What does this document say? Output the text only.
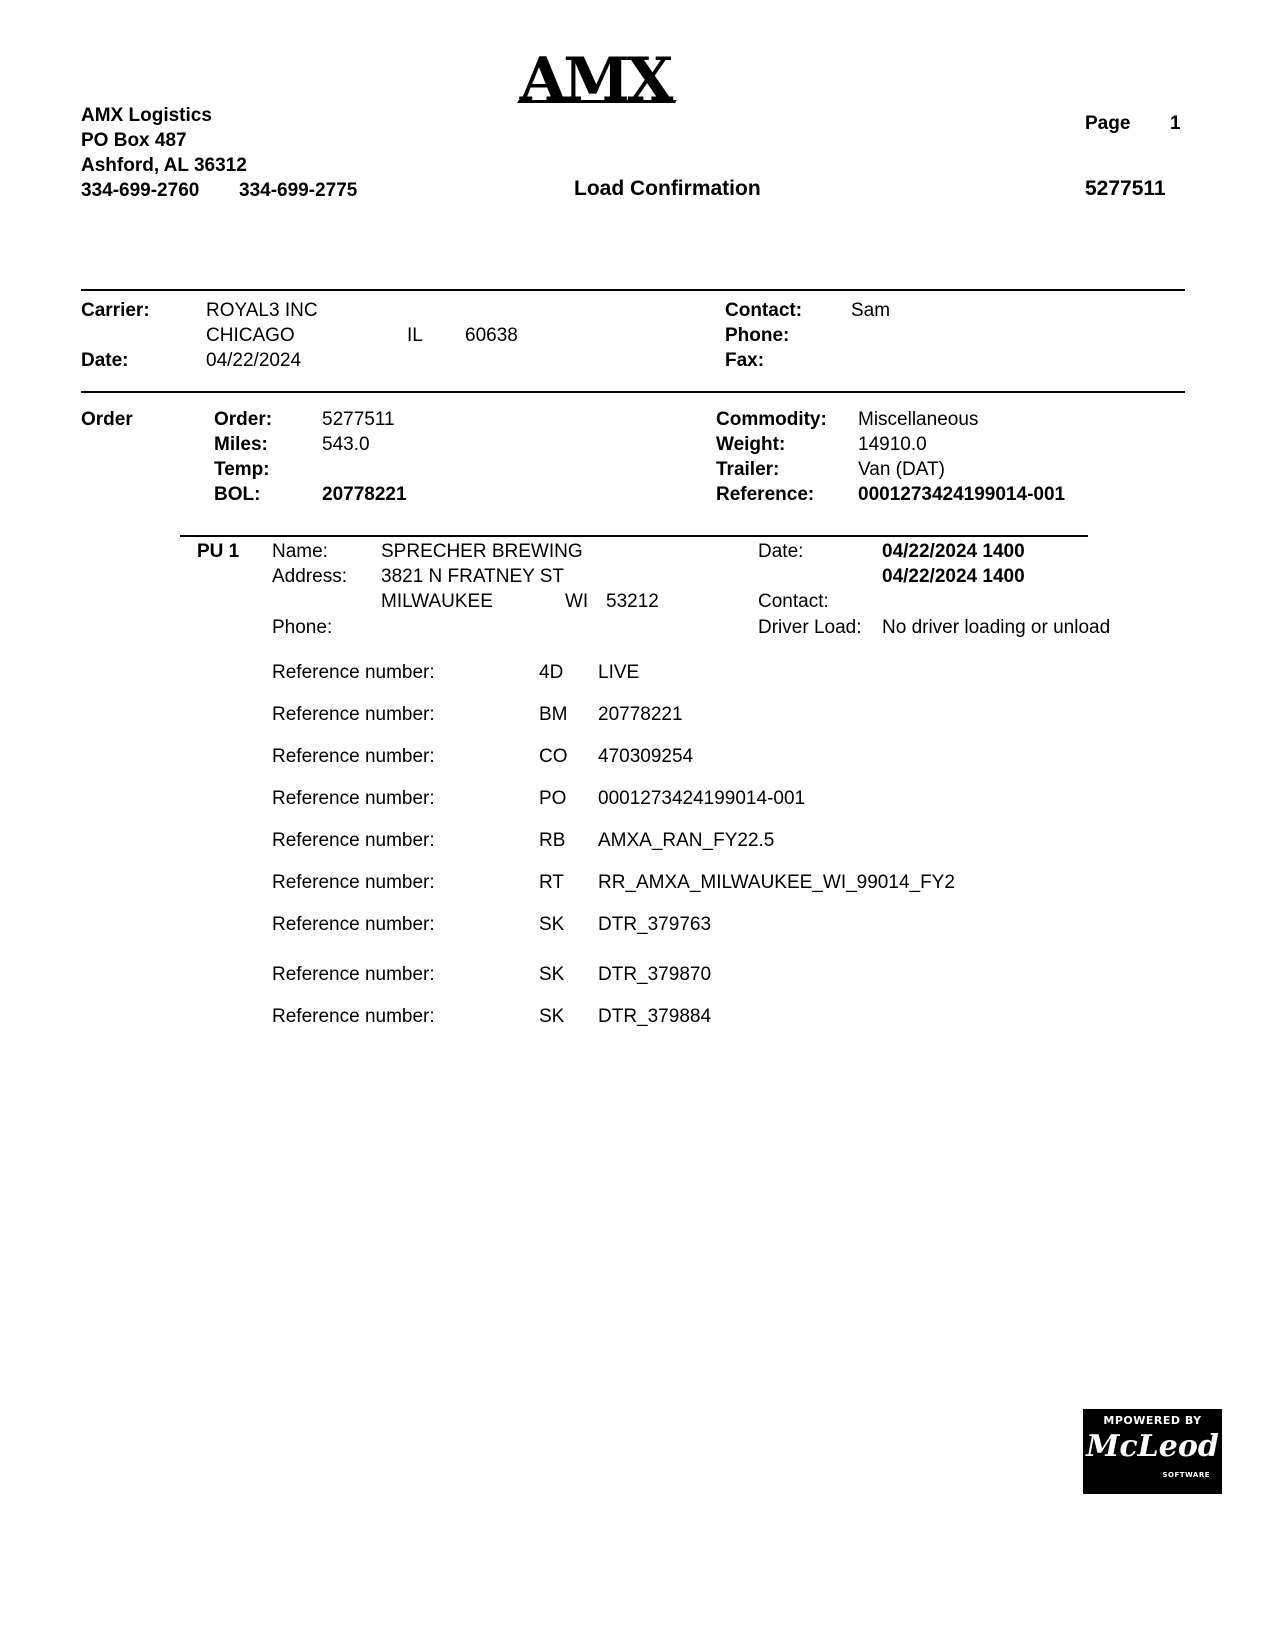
AMX
AMX Logistics
PO Box 487
Ashford, AL 36312
334-699-2760 334-699-2775	Load Confirmation
Page 1
5277511
Carrier:	ROYAL3 INC
CHICAGO	IL 60638
Date:	04/22/2024
Contact:	Sam
Phone:
Fax:
Order	Order:	5277511
Miles:	543.0
Temp:
BOL:	20778221
Commodity: Miscellaneous
Weight:	14910.0
Trailer:	Van (DAT)
Reference: 0001273424199014-001
PU 1 Name:	SPRECHER BREWING
Address: 3821 N FRATNEY ST
MILWAUKEE	WI 53212
Phone:
Date:	04/22/2024 1400
04/22/2024 1400
Contact:
Driver Load: No driver loading or unload
Reference number:	4D LIVE
Reference number:	BM 20778221
Reference number:	CO 470309254
Reference number:	PO 0001273424199014-001
Reference number:	RB AMXA_RAN_FY22.5
Reference number:	RT RR_AMXA_MILWAUKEE_WI_99014_FY2
Reference number:	SK DTR_379763
Reference number:	SK DTR_379870
Reference number:	SK DTR_379884
MPOWERED BY
McLeod
SOFTWARE
